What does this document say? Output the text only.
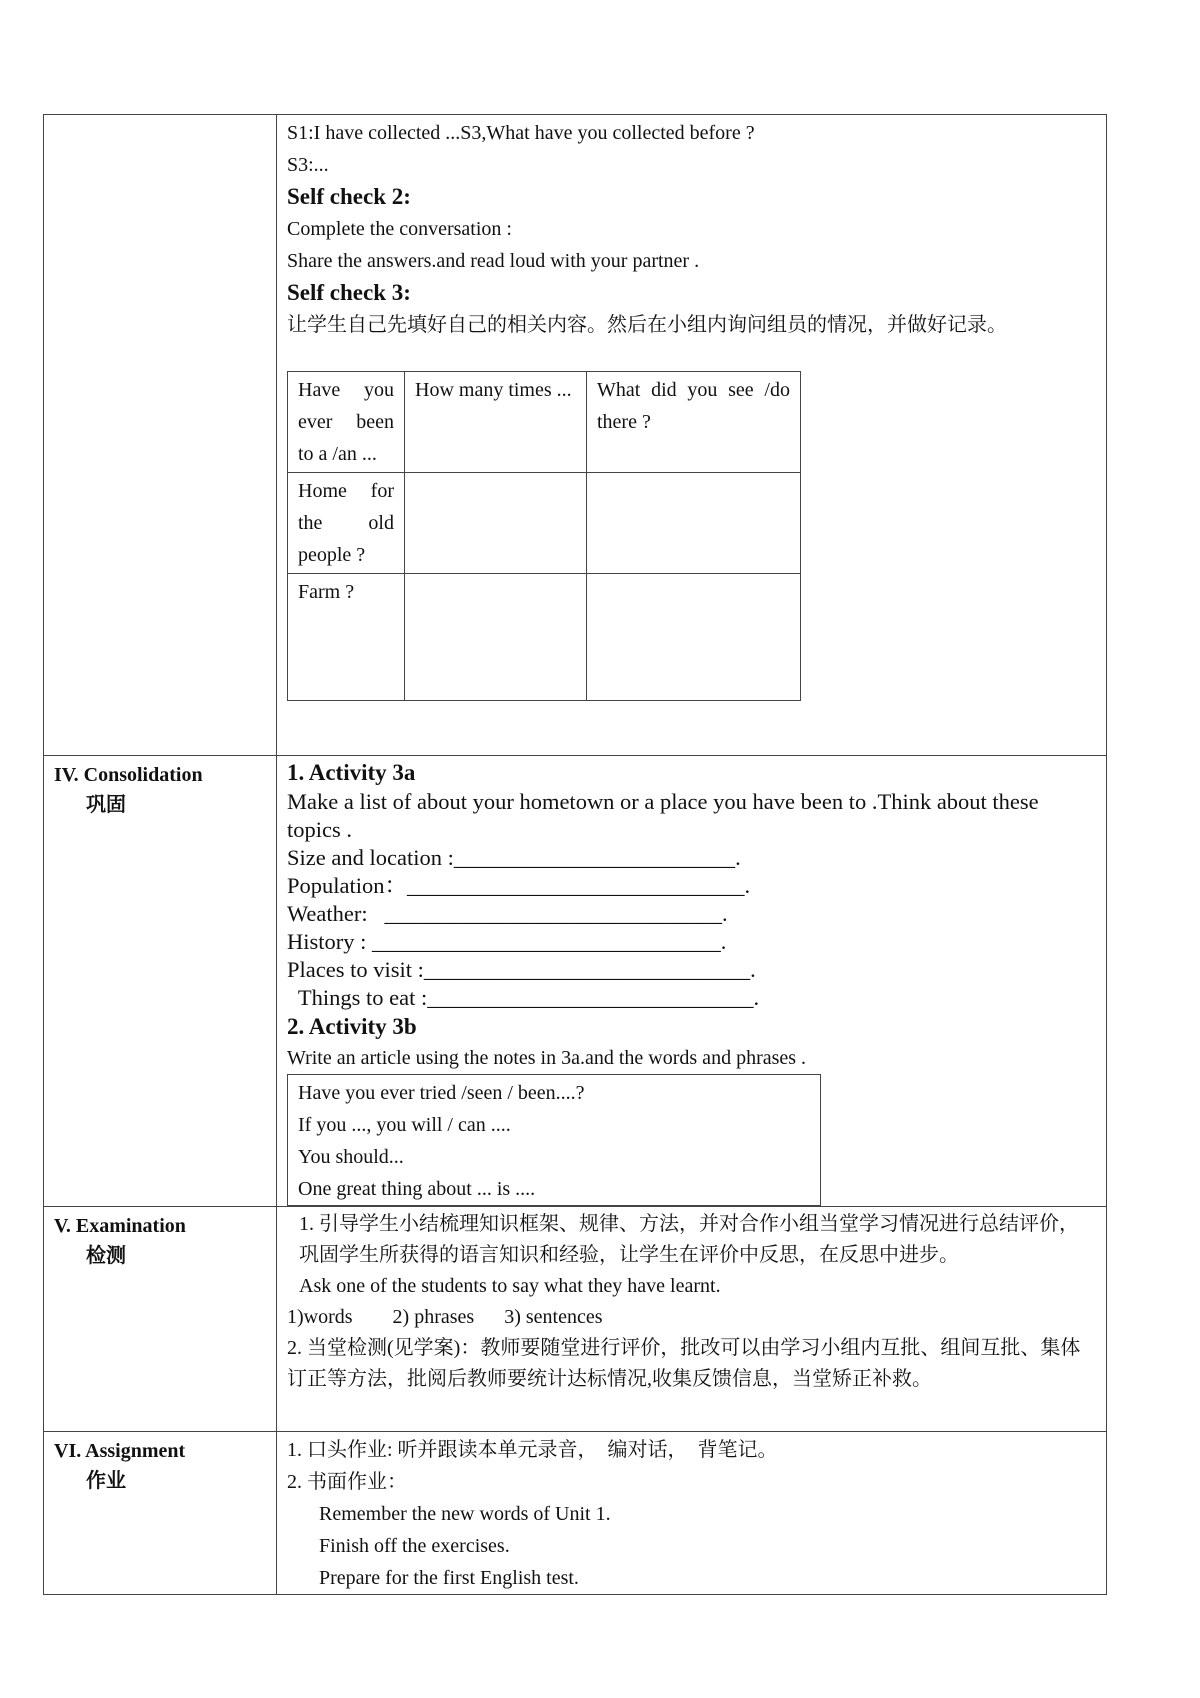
S1:I have collected ...S3,What have you collected before ?

S3:...

Self check 2:

Complete the conversation :

Share the answers.and read loud with your partner .

Self check 3:

让学生自己先填好自己的相关内容。然后在小组内询问组员的情况，并做好记录。

Have you ever been to a /an ...	How many times ...	What did you see /do there ?
Home for the old people ?		
Farm ?		

IV. Consolidation
巩固

1. Activity 3a

Make a list of about your hometown or a place you have been to .Think about these topics .

Size and location :_________________________.

Population：______________________________.

Weather:   ______________________________.

History : _______________________________.

Places to visit :_____________________________.

Things to eat :_____________________________.

2. Activity 3b

Write an article using the notes in 3a.and the words and phrases .

Have you ever tried /seen / been....?

If you ..., you will / can ....

You should...

One great thing about ... is ....

V. Examination
检测

1. 引导学生小结梳理知识框架、规律、方法，并对合作小组当堂学习情况进行总结评价，巩固学生所获得的语言知识和经验，让学生在评价中反思，在反思中进步。

Ask one of the students to say what they have learnt.

1)words        2) phrases      3) sentences

2. 当堂检测(见学案)：教师要随堂进行评价，批改可以由学习小组内互批、组间互批、集体订正等方法，批阅后教师要统计达标情况,收集反馈信息，当堂矫正补救。

VI. Assignment
作业

1. 口头作业: 听并跟读本单元录音，  编对话，  背笔记。

2. 书面作业：

Remember the new words of Unit 1.

Finish off the exercises.

Prepare for the first English test.
